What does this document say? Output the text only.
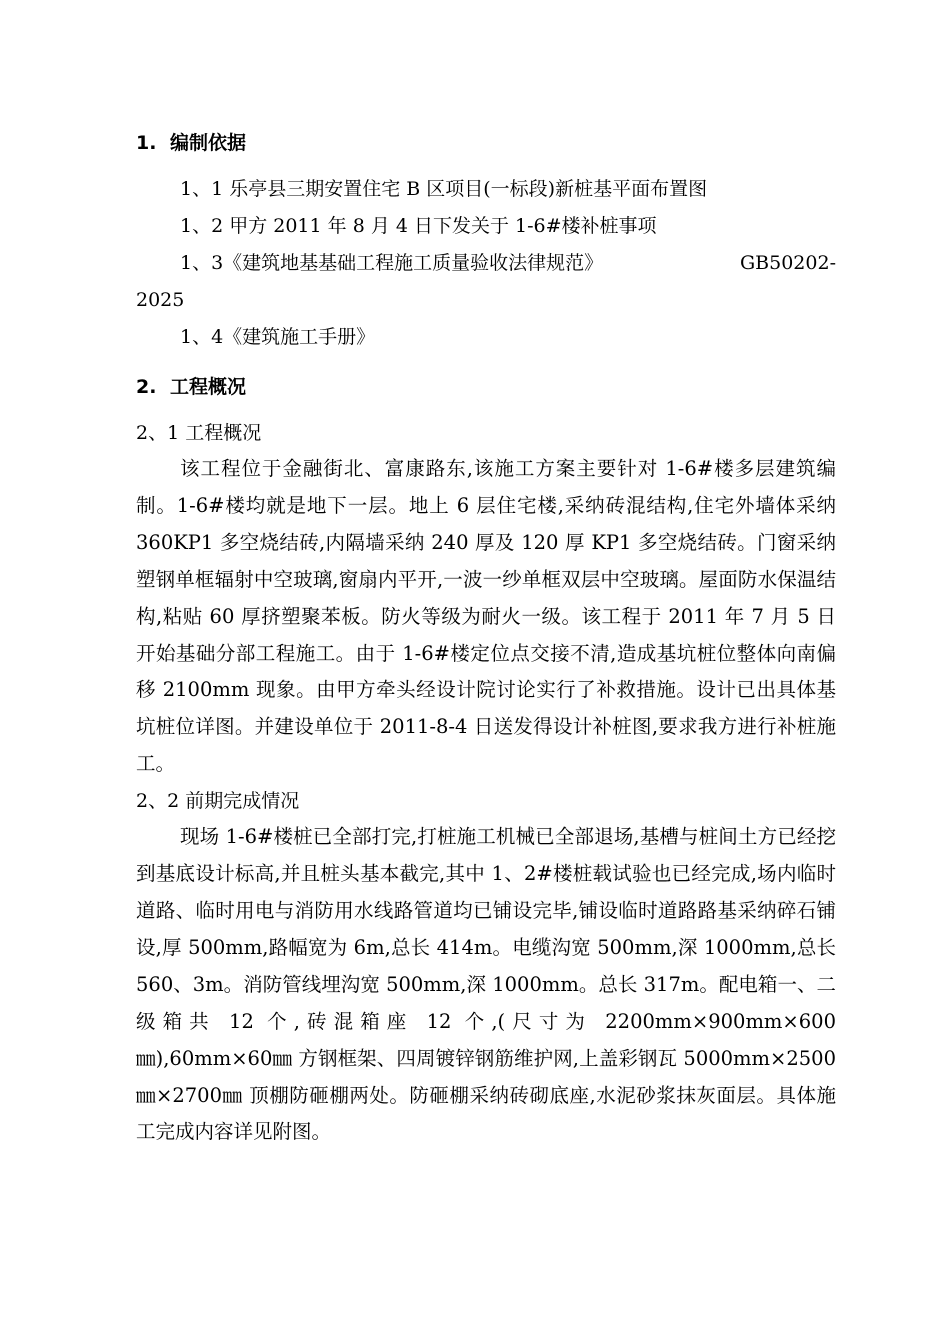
1. 编制依据
1、1 乐亭县三期安置住宅 B 区项目(一标段)新桩基平面布置图
1、2 甲方 2011 年 8 月 4 日下发关于 1-6#楼补桩事项
1、3《建筑地基基础工程施工质量验收法律规范》	GB50202-
2025
1、4《建筑施工手册》
2. 工程概况
2、1 工程概况

该工程位于金融街北、富康路东,该施工方案主要针对 1-6#楼多层建筑编制。1-6#楼均就是地下一层。地上 6 层住宅楼,采纳砖混结构,住宅外墙体采纳 360KP1 多空烧结砖,内隔墙采纳 240 厚及 120 厚 KP1 多空烧结砖。门窗采纳塑钢单框辐射中空玻璃,窗扇内平开,一波一纱单框双层中空玻璃。屋面防水保温结构,粘贴 60 厚挤塑聚苯板。防火等级为耐火一级。该工程于 2011 年 7 月 5 日开始基础分部工程施工。由于 1-6#楼定位点交接不清,造成基坑桩位整体向南偏移 2100mm 现象。由甲方牵头经设计院讨论实行了补救措施。设计已出具体基坑桩位详图。并建设单位于 2011-8-4 日送发得设计补桩图,要求我方进行补桩施工。

2、2 前期完成情况

现场 1-6#楼桩已全部打完,打桩施工机械已全部退场,基槽与桩间土方已经挖到基底设计标高,并且桩头基本截完,其中 1、2#楼桩载试验也已经完成,场内临时道路、临时用电与消防用水线路管道均已铺设完毕,铺设临时道路路基采纳碎石铺设,厚 500mm,路幅宽为 6m,总长 414m。电缆沟宽 500mm,深 1000mm,总长 560、3m。消防管线埋沟宽 500mm,深 1000mm。总长 317m。配电箱一、二级箱共 12 个,砖混箱座 12 个,(尺寸为 2200mm×900mm×600㎜),60mm×60㎜ 方钢框架、四周镀锌钢筋维护网,上盖彩钢瓦 5000mm×2500㎜×2700㎜ 顶棚防砸棚两处。防砸棚采纳砖砌底座,水泥砂浆抹灰面层。具体施工完成内容详见附图。
